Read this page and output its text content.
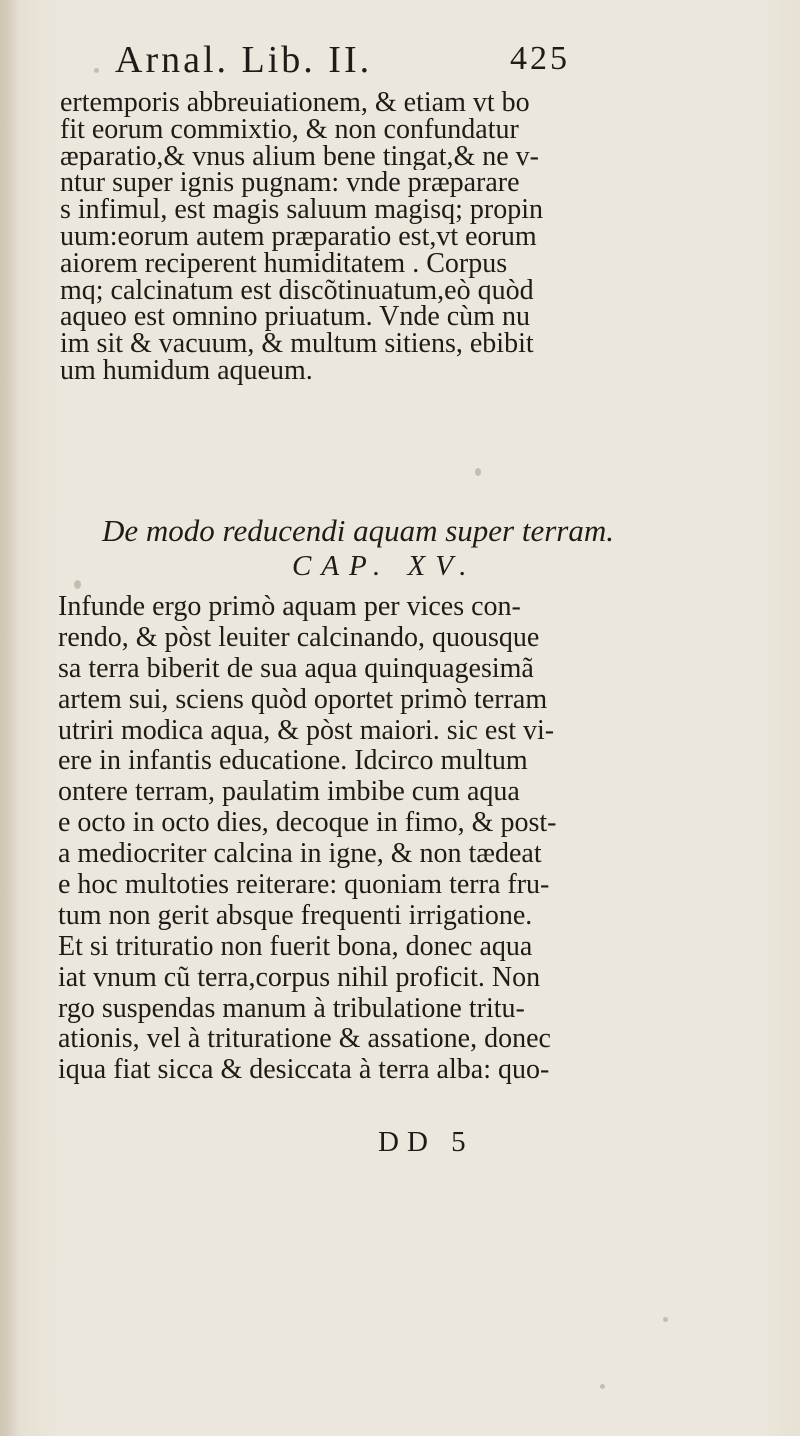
Arnal. Lib. II.	425
ertemporis abbreuiationem, & etiam vt bo
fit eorum commixtio, & non confundatur
æparatio,& vnus alium bene tingat,& ne v-
ntur super ignis pugnam: vnde præparare
s infimul, est magis saluum magisq; propin
uum:eorum autem præparatio est,vt eorum
aiorem reciperent humiditatem . Corpus
mq; calcinatum est discõtinuatum,eò quòd
aqueo est omnino priuatum. Vnde cùm nu
im sit & vacuum, & multum sitiens, ebibit
um humidum aqueum.
De modo reducendi aquam super terram.
CAP. XV.
Infunde ergo primò aquam per vices con-
rendo, & pòst leuiter calcinando, quousque
sa terra biberit de sua aqua quinquagesimã
artem sui, sciens quòd oportet primò terram
utriri modica aqua, & pòst maiori. sic est vi-
ere in infantis educatione. Idcirco multum
ontere terram, paulatim imbibe cum aqua
e octo in octo dies, decoque in fimo, & post-
a mediocriter calcina in igne, & non tædeat
e hoc multoties reiterare: quoniam terra fru-
tum non gerit absque frequenti irrigatione.
Et si trituratio non fuerit bona, donec aqua
iat vnum cũ terra,corpus nihil proficit. Non
rgo suspendas manum à tribulatione tritu-
ationis, vel à trituratione & assatione, donec
iqua fiat sicca & desiccata à terra alba: quo-
DD 5
